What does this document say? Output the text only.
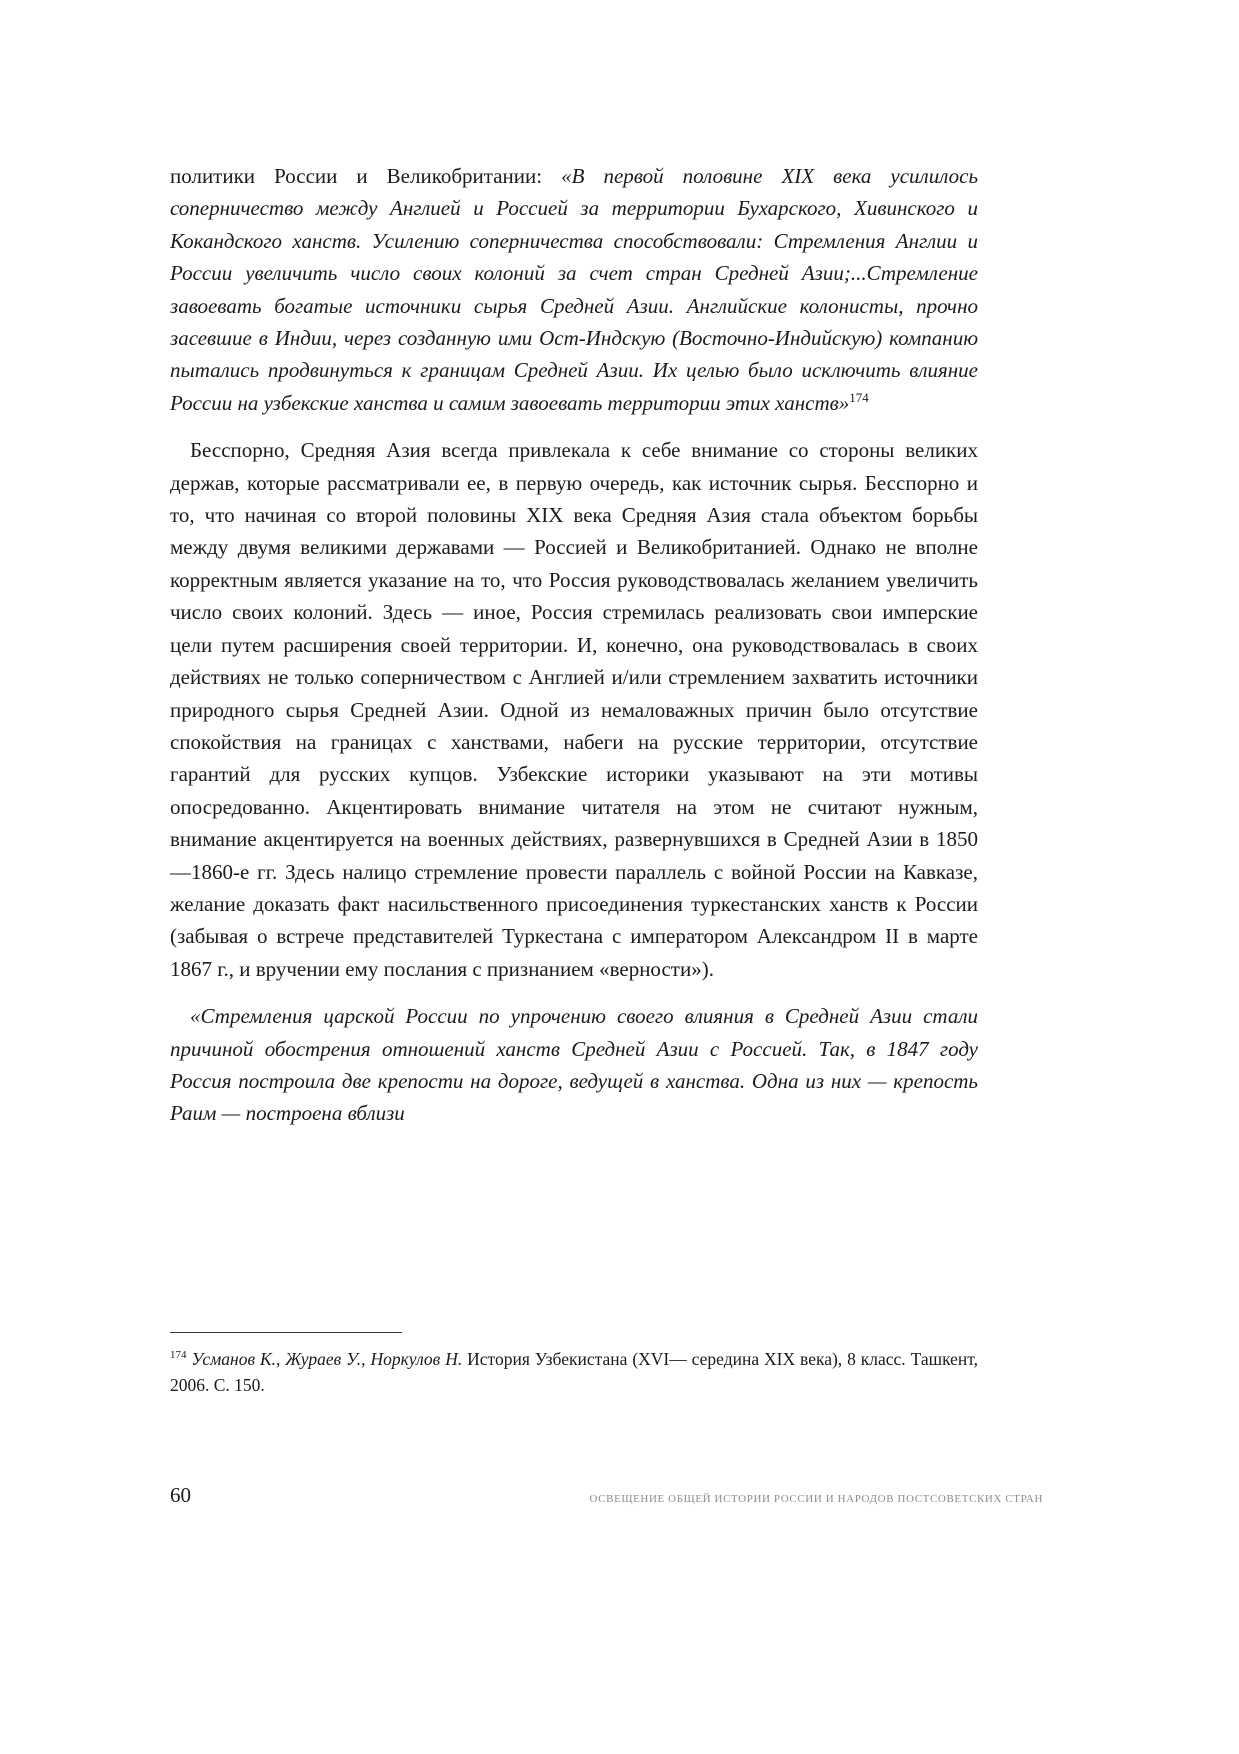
политики России и Великобритании: «В первой половине XIX века усилилось соперничество между Англией и Россией за территории Бухарского, Хивинского и Кокандского ханств. Усилению соперничества способствовали: Стремления Англии и России увеличить число своих колоний за счет стран Средней Азии;...Стремление завоевать богатые источники сырья Средней Азии. Английские колонисты, прочно засевшие в Индии, через созданную ими Ост-Индскую (Восточно-Индийскую) компанию пытались продвинуться к границам Средней Азии. Их целью было исключить влияние России на узбекские ханства и самим завоевать территории этих ханств»$^{174}$

Бесспорно, Средняя Азия всегда привлекала к себе внимание со стороны великих держав, которые рассматривали ее, в первую очередь, как источник сырья. Бесспорно и то, что начиная со второй половины XIX века Средняя Азия стала объектом борьбы между двумя великими державами — Россией и Великобританией. Однако не вполне корректным является указание на то, что Россия руководствовалась желанием увеличить число своих колоний. Здесь — иное, Россия стремилась реализовать свои имперские цели путем расширения своей территории. И, конечно, она руководствовалась в своих действиях не только соперничеством с Англией и/или стремлением захватить источники природного сырья Средней Азии. Одной из немаловажных причин было отсутствие спокойствия на границах с ханствами, набеги на русские территории, отсутствие гарантий для русских купцов. Узбекские историки указывают на эти мотивы опосредованно. Акцентировать внимание читателя на этом не считают нужным, внимание акцентируется на военных действиях, развернувшихся в Средней Азии в 1850—1860-е гг. Здесь налицо стремление провести параллель с войной России на Кавказе, желание доказать факт насильственного присоединения туркестанских ханств к России (забывая о встрече представителей Туркестана с императором Александром II в марте 1867 г., и вручении ему послания с признанием «верности»).

«Стремления царской России по упрочению своего влияния в Средней Азии стали причиной обострения отношений ханств Средней Азии с Россией. Так, в 1847 году Россия построила две крепости на дороге, ведущей в ханства. Одна из них — крепость Раим — построена вблизи

$^{174}$ Усманов К., Жураев У., Норкулов Н. История Узбекистана (XVI— середина XIX века), 8 класс. Ташкент, 2006. С. 150.
60	ОСВЕЩЕНИЕ ОБЩЕЙ ИСТОРИИ РОССИИ И НАРОДОВ ПОСТСОВЕТСКИХ СТРАН
